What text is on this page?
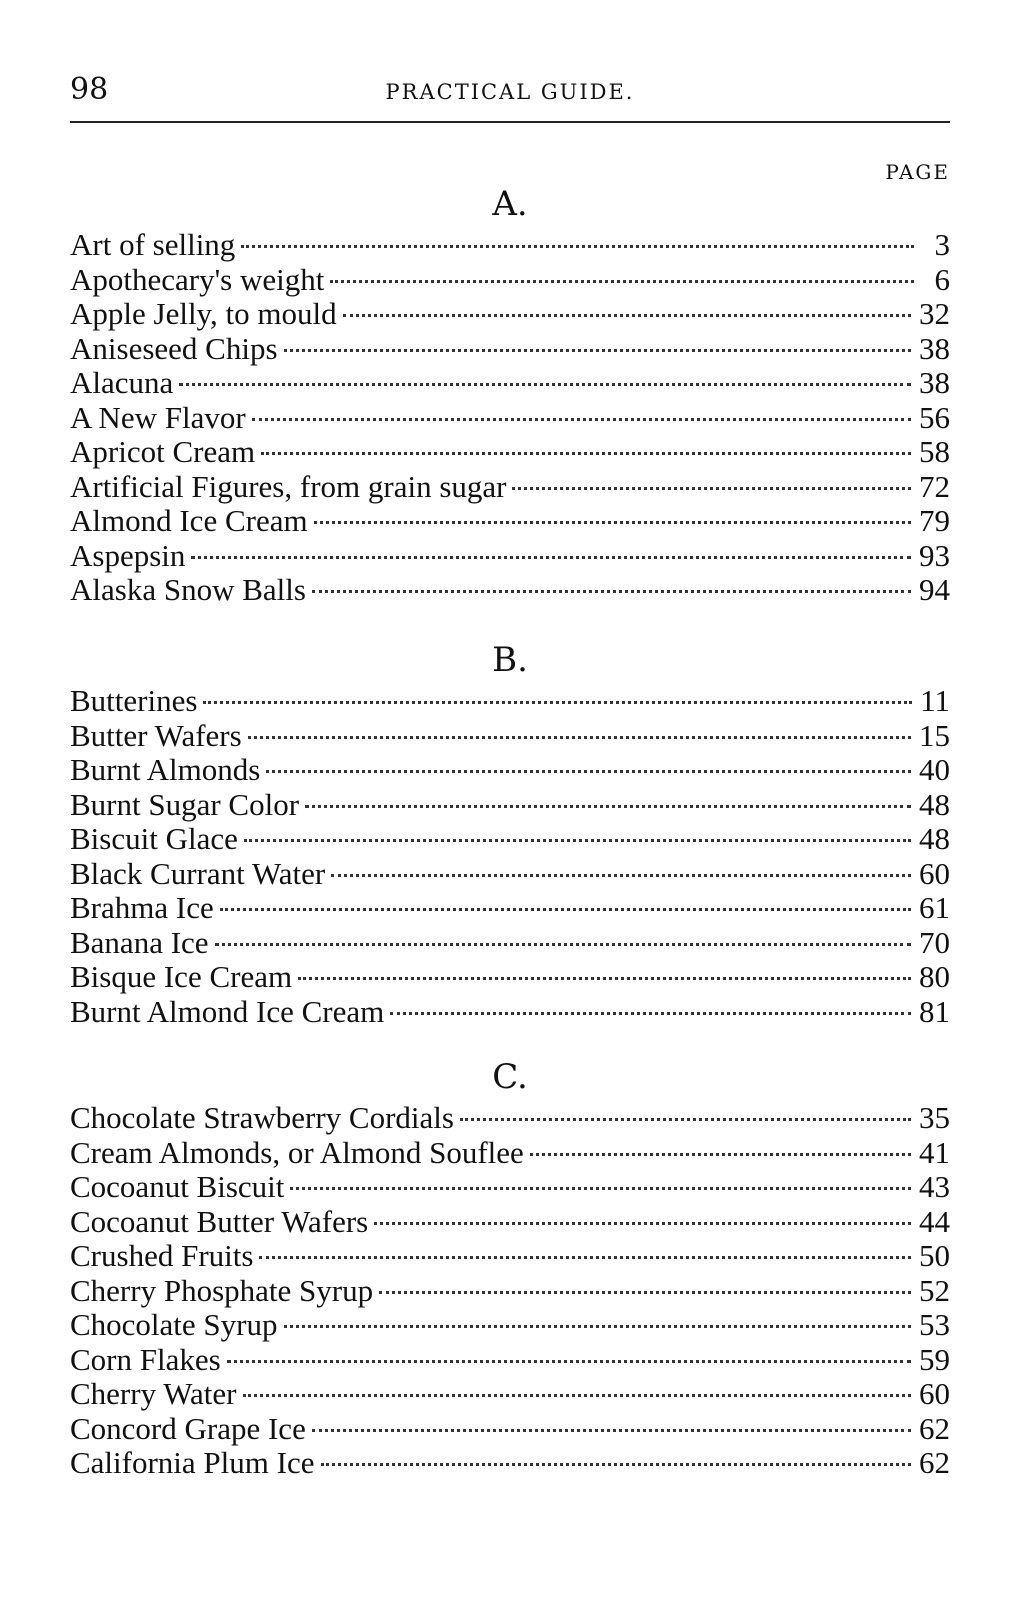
98	PRACTICAL GUIDE.
PAGE
A.
Art of selling	3
Apothecary's weight	6
Apple Jelly, to mould	32
Aniseseed Chips	38
Alacuna	38
A New Flavor	56
Apricot Cream	58
Artificial Figures, from grain sugar	72
Almond Ice Cream	79
Aspepsin	93
Alaska Snow Balls	94
B.
Butterines	11
Butter Wafers	15
Burnt Almonds	40
Burnt Sugar Color	48
Biscuit Glace	48
Black Currant Water	60
Brahma Ice	61
Banana Ice	70
Bisque Ice Cream	80
Burnt Almond Ice Cream	81
C.
Chocolate Strawberry Cordials	35
Cream Almonds, or Almond Souflee	41
Cocoanut Biscuit	43
Cocoanut Butter Wafers	44
Crushed Fruits	50
Cherry Phosphate Syrup	52
Chocolate Syrup	53
Corn Flakes	59
Cherry Water	60
Concord Grape Ice	62
California Plum Ice	62
